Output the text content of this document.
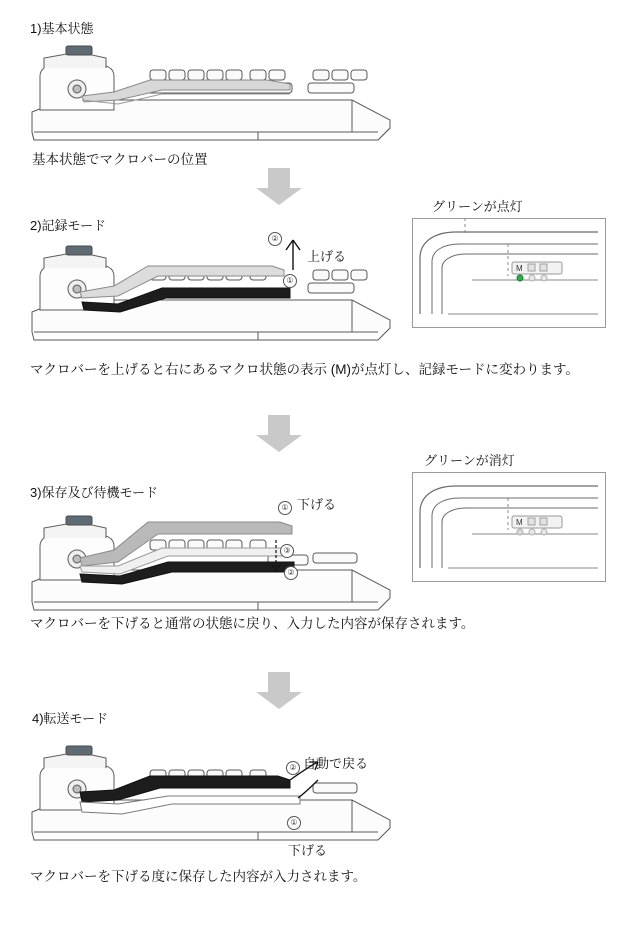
1)基本状態
基本状態でマクロバーの位置
2)記録モード
②
①
上げる
グリーンが点灯
M
マクロバーを上げると右にあるマクロ状態の表示 (M)が点灯し、記録モードに変わります。
3)保存及び待機モード
① 下げる
③
②
グリーンが消灯
M
マクロバーを下げると通常の状態に戻り、入力した内容が保存されます。
4)転送モード
② 自動で戻る
①
下げる
マクロバーを下げる度に保存した内容が入力されます。
